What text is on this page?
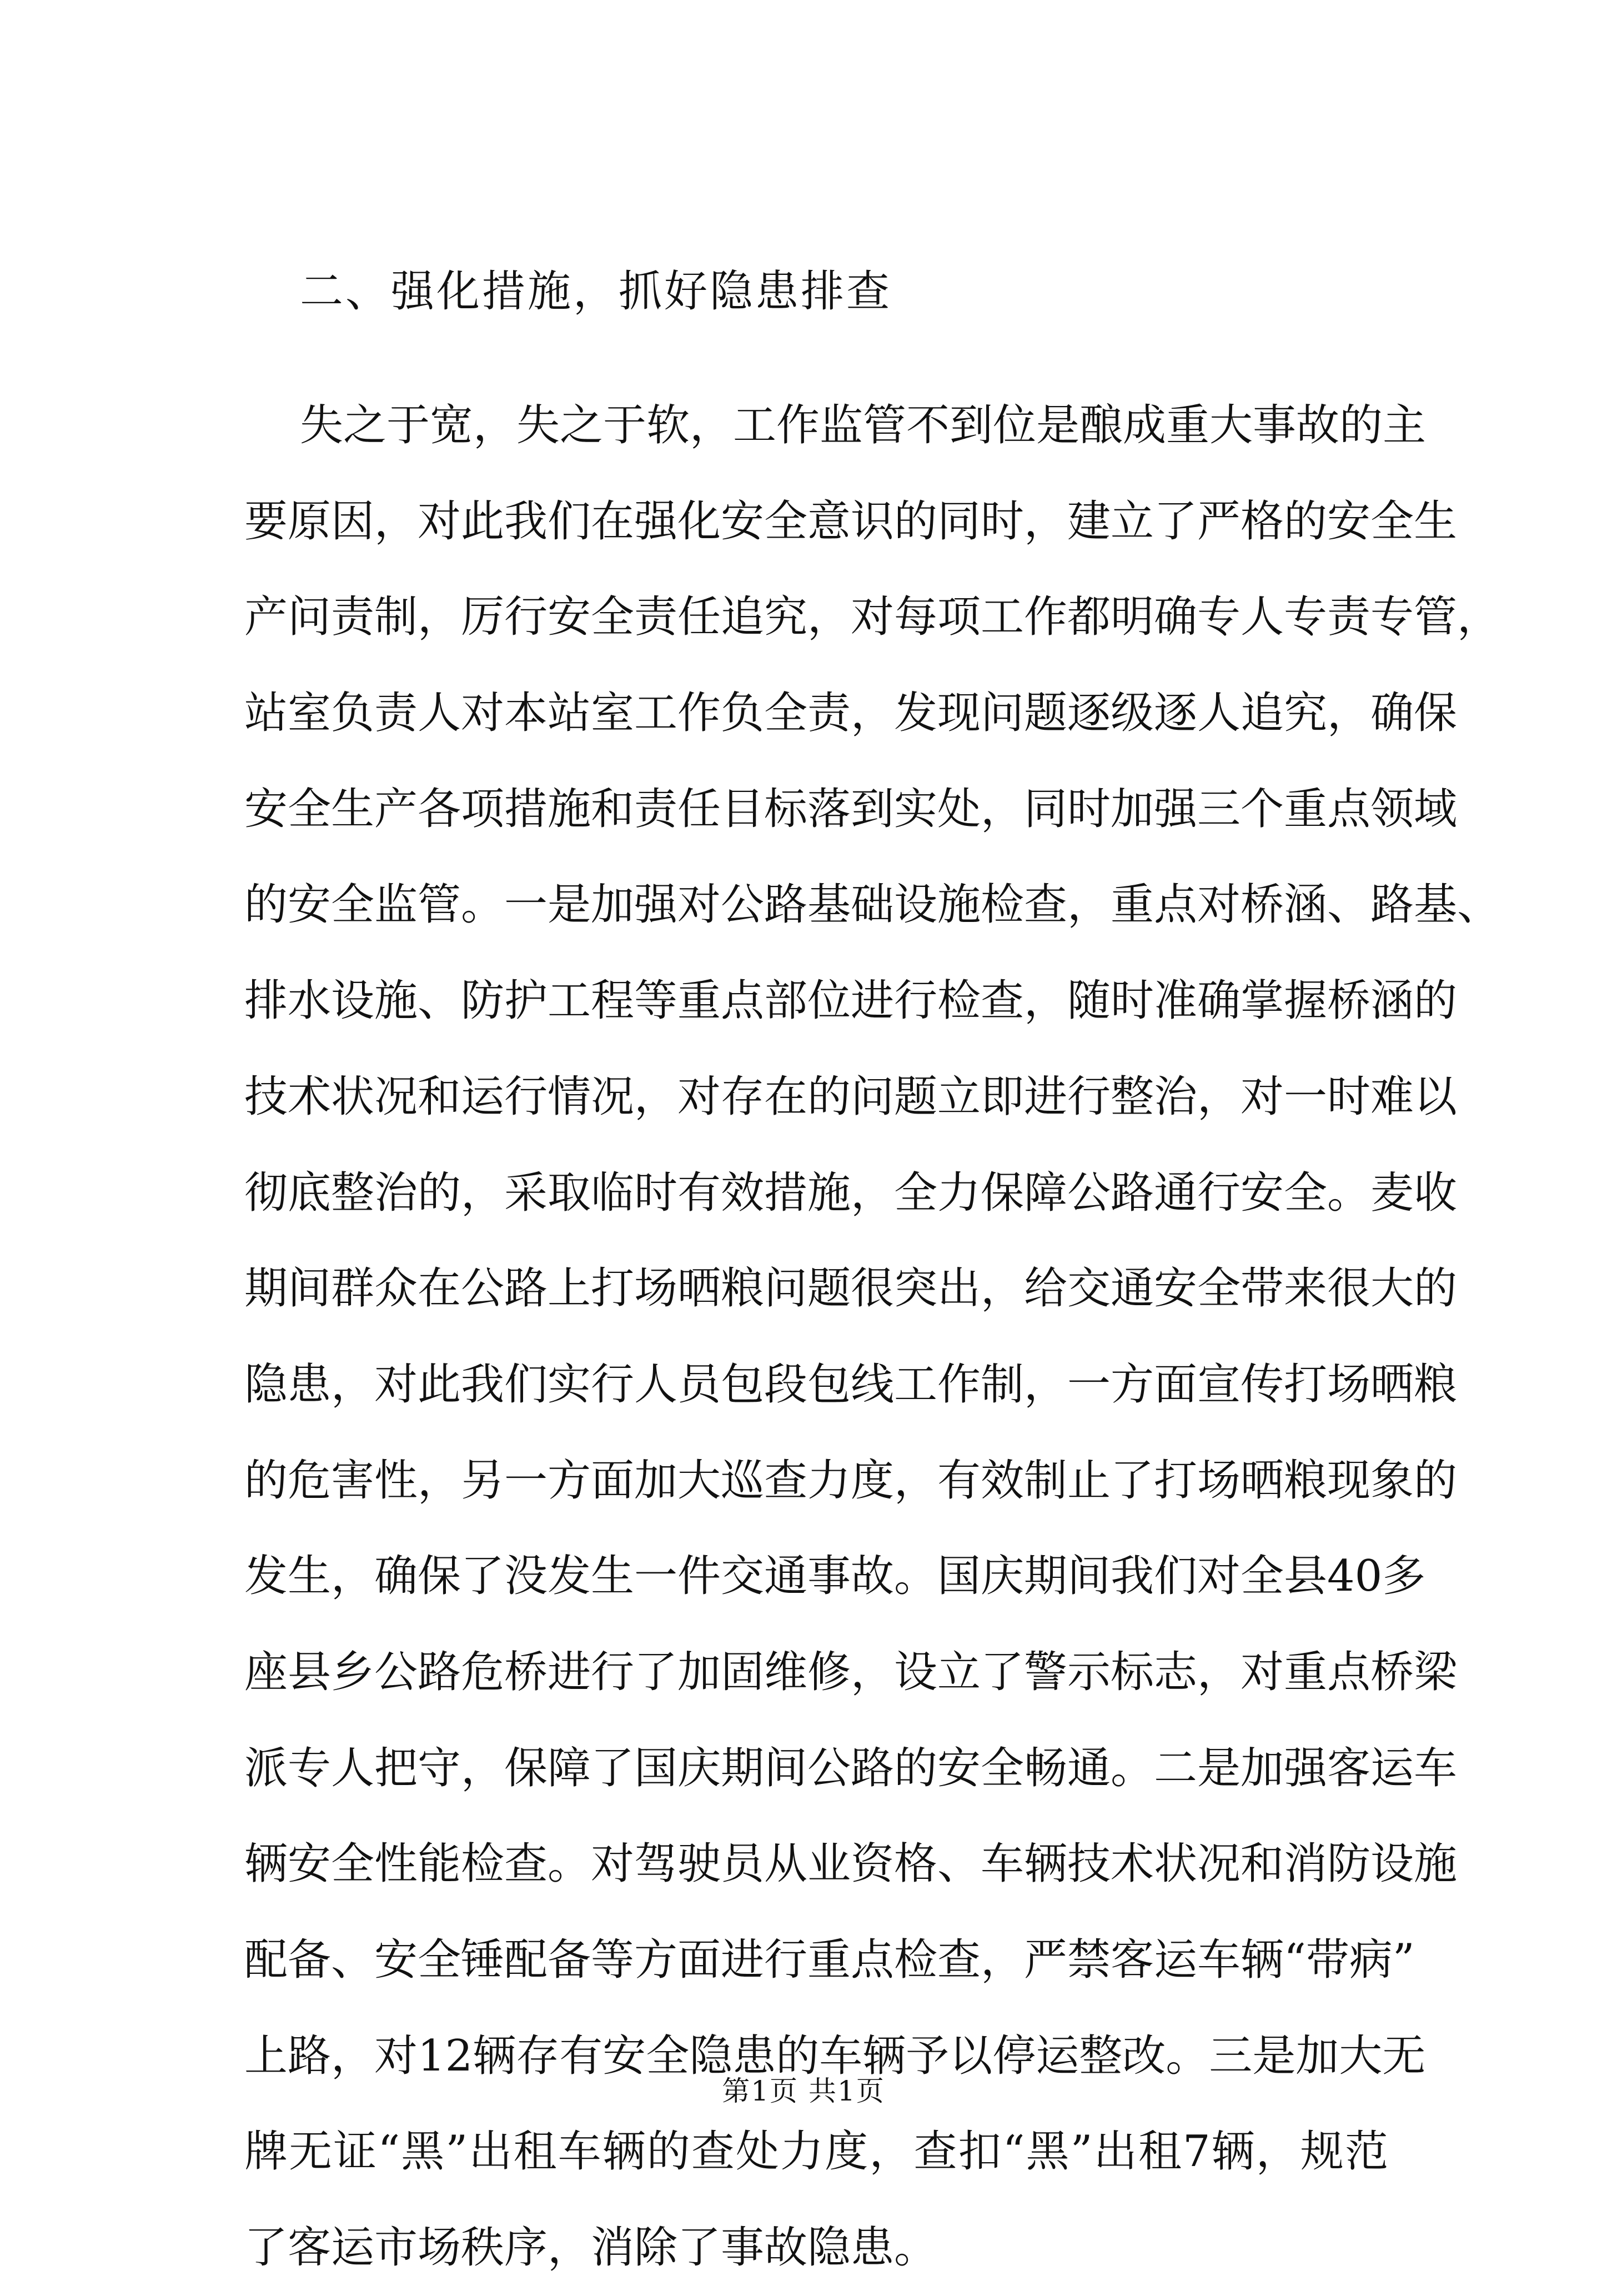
二、强化措施，抓好隐患排查
失之于宽，失之于软，工作监管不到位是酿成重大事故的主
要原因，对此我们在强化安全意识的同时，建立了严格的安全生
产问责制，厉行安全责任追究，对每项工作都明确专人专责专管，
站室负责人对本站室工作负全责，发现问题逐级逐人追究，确保
安全生产各项措施和责任目标落到实处，同时加强三个重点领域
的安全监管。一是加强对公路基础设施检查，重点对桥涵、路基、
排水设施、防护工程等重点部位进行检查，随时准确掌握桥涵的
技术状况和运行情况，对存在的问题立即进行整治，对一时难以
彻底整治的，采取临时有效措施，全力保障公路通行安全。麦收
期间群众在公路上打场晒粮问题很突出，给交通安全带来很大的
隐患，对此我们实行人员包段包线工作制，一方面宣传打场晒粮
的危害性，另一方面加大巡查力度，有效制止了打场晒粮现象的
发生，确保了没发生一件交通事故。国庆期间我们对全县40多
座县乡公路危桥进行了加固维修，设立了警示标志，对重点桥梁
派专人把守，保障了国庆期间公路的安全畅通。二是加强客运车
辆安全性能检查。对驾驶员从业资格、车辆技术状况和消防设施
配备、安全锤配备等方面进行重点检查，严禁客运车辆“带病”
上路，对12辆存有安全隐患的车辆予以停运整改。三是加大无
牌无证“黑”出租车辆的查处力度，查扣“黑”出租7辆，规范
了客运市场秩序，消除了事故隐患。
第1页 共1页
